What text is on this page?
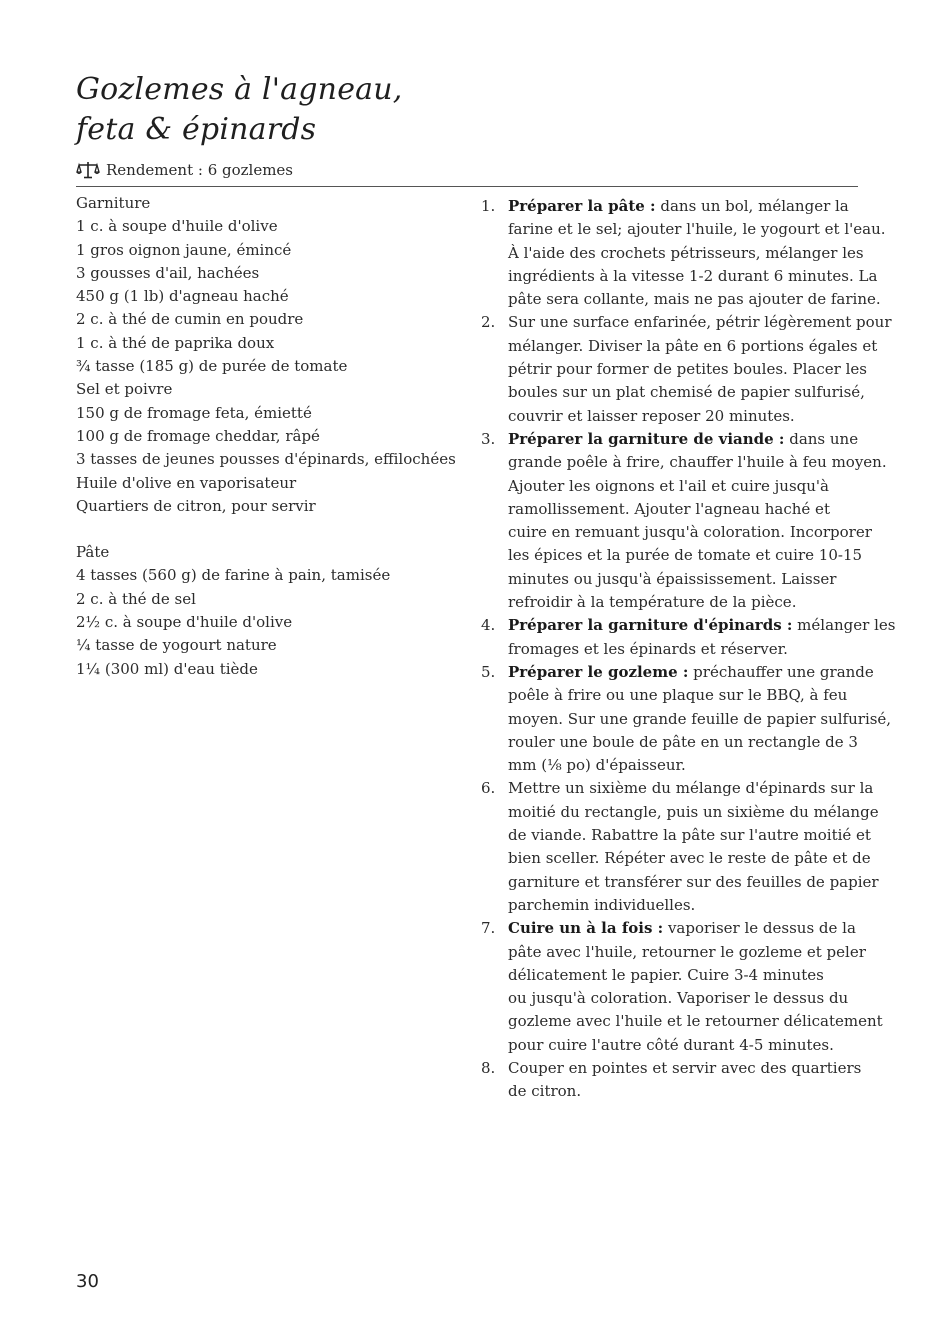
Gozlemes à l'agneau,
feta & épinards
Rendement : 6 gozlemes
Garniture
1 c. à soupe d'huile d'olive
1 gros oignon jaune, émincé
3 gousses d'ail, hachées
450 g (1 lb) d'agneau haché
2 c. à thé de cumin en poudre
1 c. à thé de paprika doux
¾ tasse (185 g) de purée de tomate
Sel et poivre
150 g de fromage feta, émietté
100 g de fromage cheddar, râpé
3 tasses de jeunes pousses d'épinards, effilochées
Huile d'olive en vaporisateur
Quartiers de citron, pour servir
Pâte
4 tasses (560 g) de farine à pain, tamisée
2 c. à thé de sel
2½ c. à soupe d'huile d'olive
¼ tasse de yogourt nature
1¼ (300 ml) d'eau tiède
1. Préparer la pâte : dans un bol, mélanger la
farine et le sel; ajouter l'huile, le yogourt et l'eau.
À l'aide des crochets pétrisseurs, mélanger les
ingrédients à la vitesse 1-2 durant 6 minutes. La
pâte sera collante, mais ne pas ajouter de farine.
2. Sur une surface enfarinée, pétrir légèrement pour
mélanger. Diviser la pâte en 6 portions égales et
pétrir pour former de petites boules. Placer les
boules sur un plat chemisé de papier sulfurisé,
couvrir et laisser reposer 20 minutes.
3. Préparer la garniture de viande : dans une
grande poêle à frire, chauffer l'huile à feu moyen.
Ajouter les oignons et l'ail et cuire jusqu'à
ramollissement. Ajouter l'agneau haché et
cuire en remuant jusqu'à coloration. Incorporer
les épices et la purée de tomate et cuire 10-15
minutes ou jusqu'à épaississement. Laisser
refroidir à la température de la pièce.
4. Préparer la garniture d'épinards : mélanger les
fromages et les épinards et réserver.
5. Préparer le gozleme : préchauffer une grande
poêle à frire ou une plaque sur le BBQ, à feu
moyen. Sur une grande feuille de papier sulfurisé,
rouler une boule de pâte en un rectangle de 3
mm (⅛ po) d'épaisseur.
6. Mettre un sixième du mélange d'épinards sur la
moitié du rectangle, puis un sixième du mélange
de viande. Rabattre la pâte sur l'autre moitié et
bien sceller. Répéter avec le reste de pâte et de
garniture et transférer sur des feuilles de papier
parchemin individuelles.
7. Cuire un à la fois : vaporiser le dessus de la
pâte avec l'huile, retourner le gozleme et peler
délicatement le papier. Cuire 3-4 minutes
ou jusqu'à coloration. Vaporiser le dessus du
gozleme avec l'huile et le retourner délicatement
pour cuire l'autre côté durant 4-5 minutes.
8. Couper en pointes et servir avec des quartiers
de citron.
30
